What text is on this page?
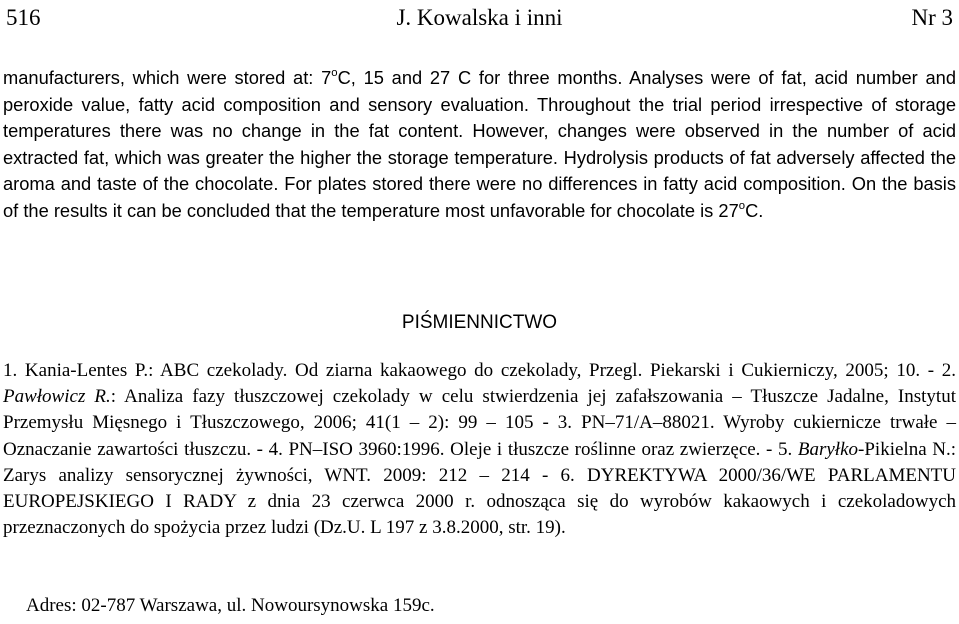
516	J. Kowalska i inni	Nr 3

manufacturers, which were stored at: 7$^o$C, 15 and 27 C for three months. Analyses were of fat, acid number and peroxide value, fatty acid composition and sensory evaluation. Throughout the trial period irrespective of storage temperatures there was no change in the fat content. However, changes were observed in the number of acid extracted fat, which was greater the higher the storage temperature. Hydrolysis products of fat adversely affected the aroma and taste of the chocolate. For plates stored there were no differences in fatty acid composition. On the basis of the results it can be concluded that the temperature most unfavorable for chocolate is 27$^o$C.

PIŚMIENNICTWO

1. Kania-Lentes P.: ABC czekolady. Od ziarna kakaowego do czekolady, Przegl. Piekarski i Cukierniczy, 2005; 10. - 2. Pawłowicz R.: Analiza fazy tłuszczowej czekolady w celu stwierdzenia jej zafałszowania – Tłuszcze Jadalne, Instytut Przemysłu Mięsnego i Tłuszczowego, 2006; 41(1 – 2): 99 – 105 - 3. PN–71/A–88021. Wyroby cukiernicze trwałe – Oznaczanie zawartości tłuszczu. - 4. PN–ISO 3960:1996. Oleje i tłuszcze roślinne oraz zwierzęce. - 5. Baryłko-Pikielna N.: Zarys analizy sensorycznej żywności, WNT. 2009: 212 – 214 - 6. DYREKTYWA 2000/36/WE PARLAMENTU EUROPEJSKIEGO I RADY z dnia 23 czerwca 2000 r. odnosząca się do wyrobów kakaowych i czekoladowych przeznaczonych do spożycia przez ludzi (Dz.U. L 197 z 3.8.2000, str. 19).

Adres: 02-787 Warszawa, ul. Nowoursynowska 159c.
